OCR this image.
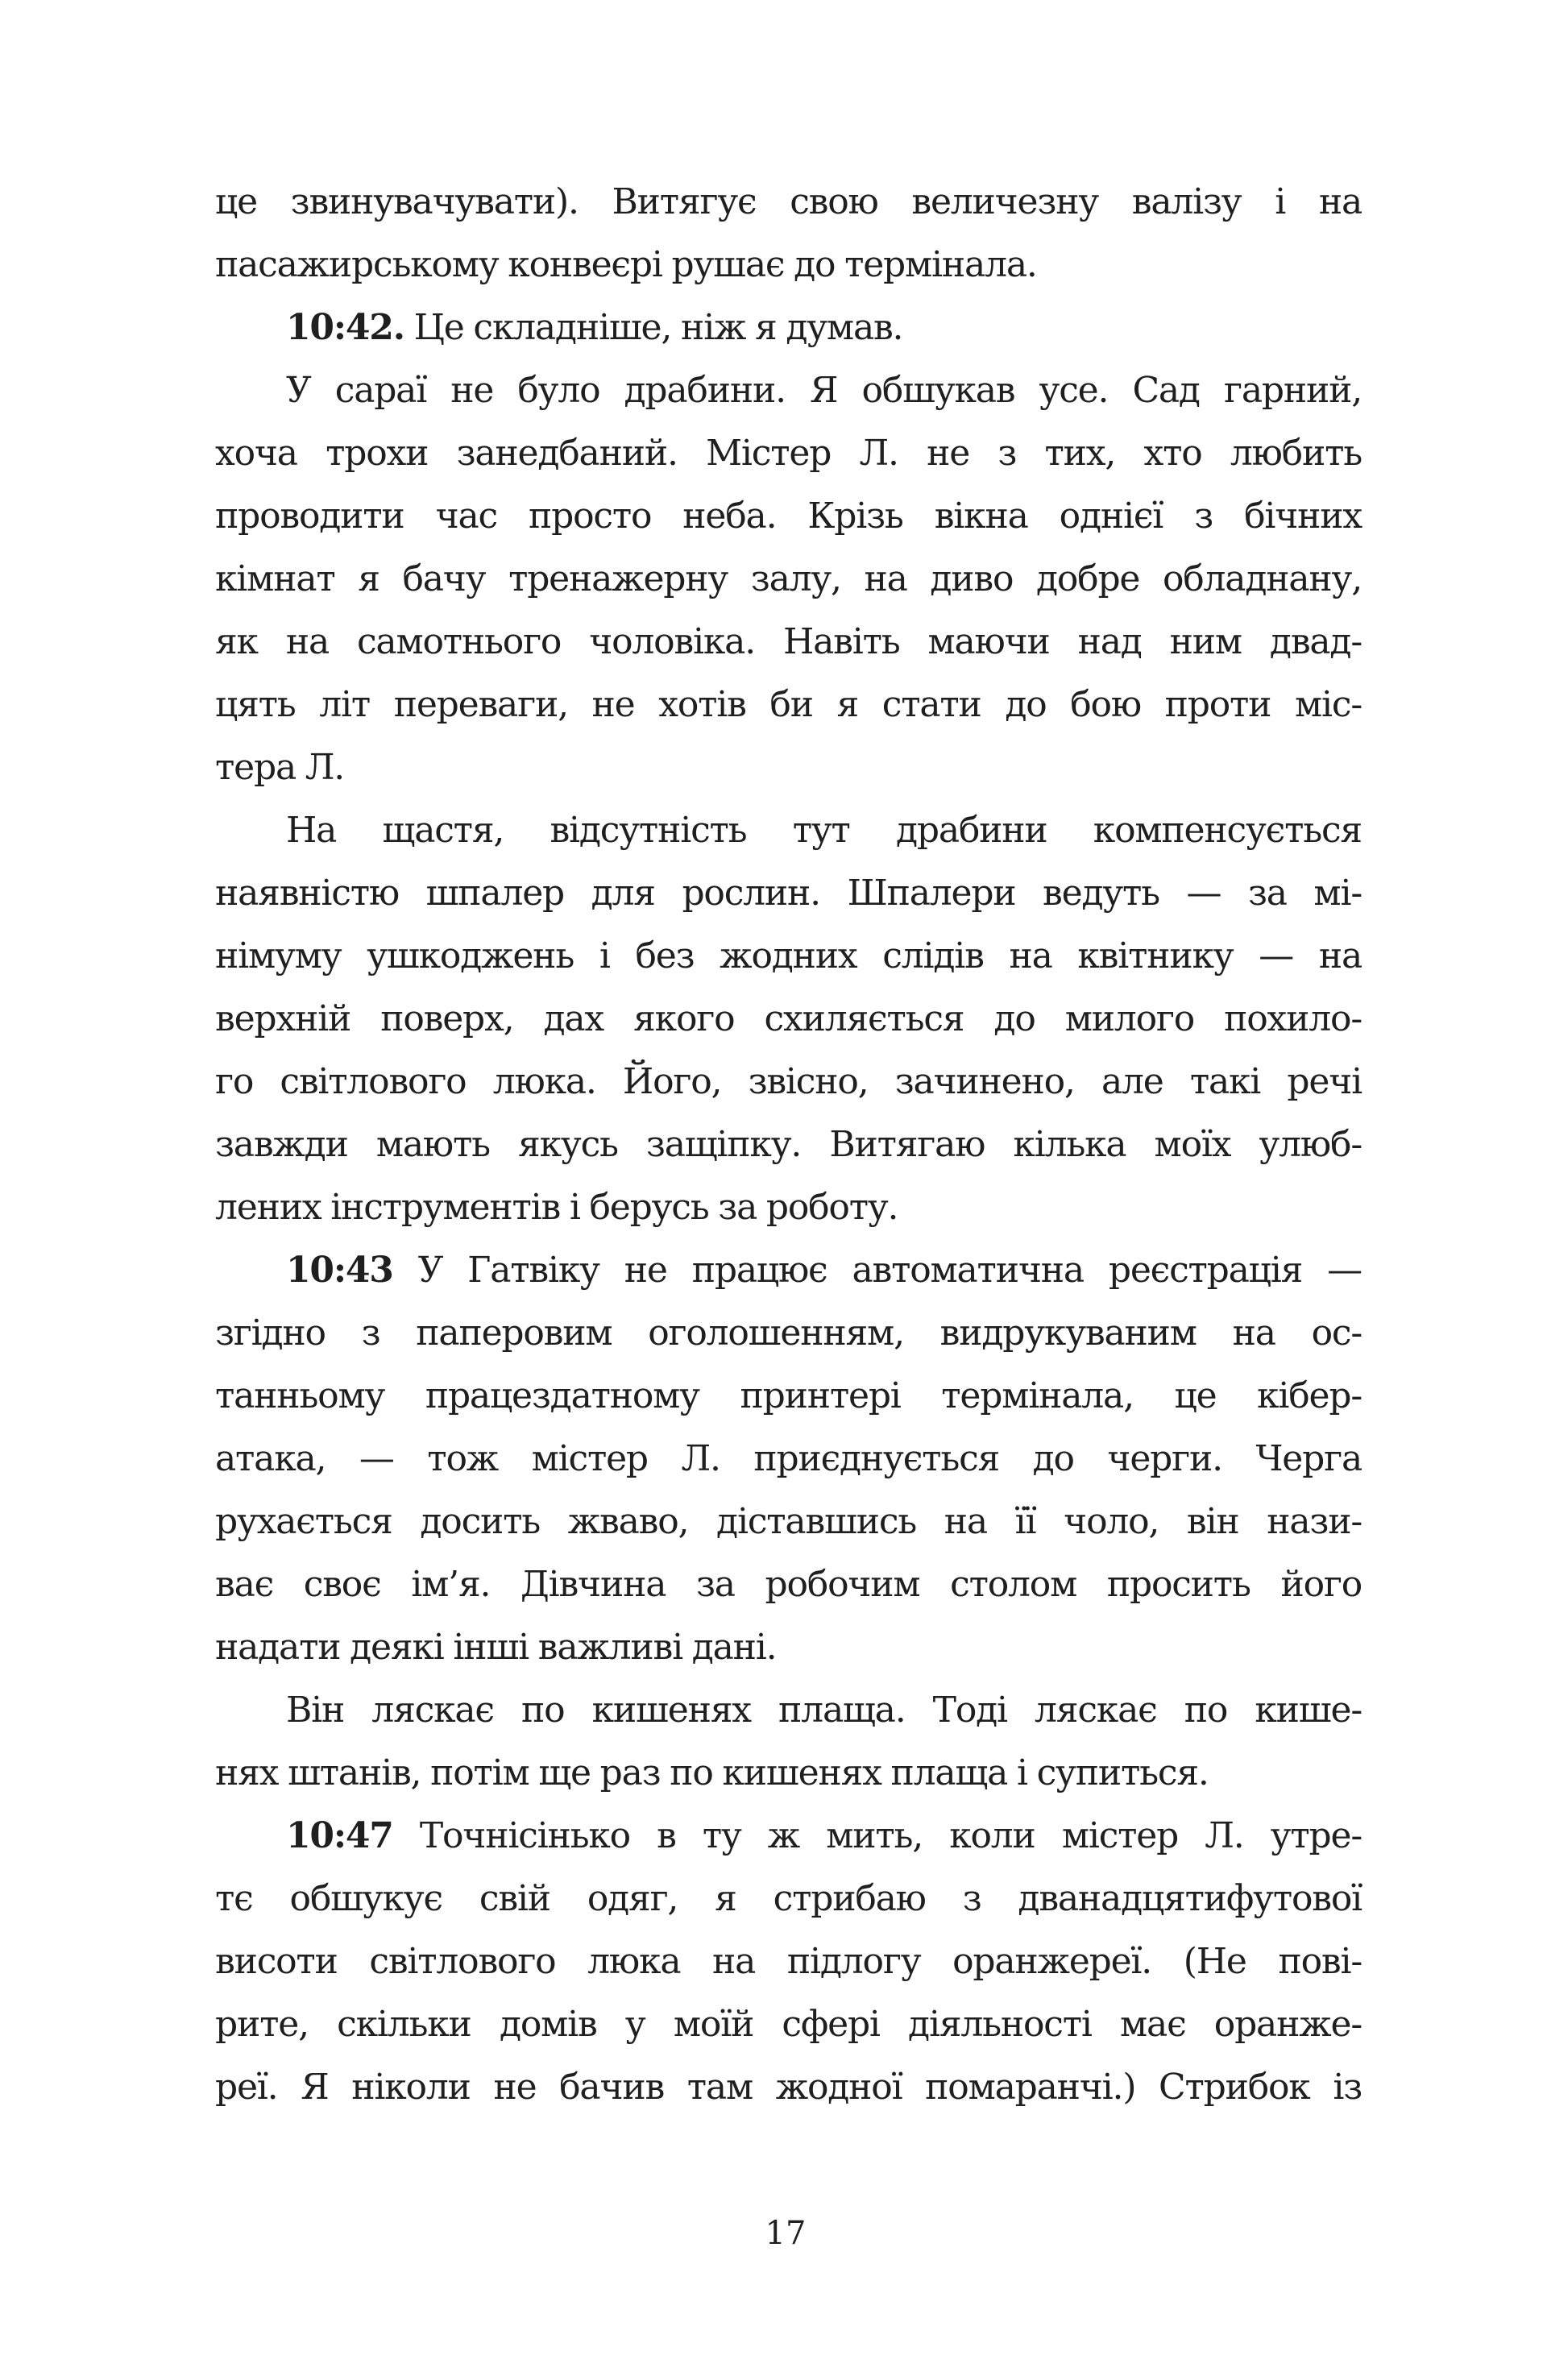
це звинувачувати). Витягує свою величезну валізу і на
пасажирському конвеєрі рушає до термінала.
10:42. Це складніше, ніж я думав.
У сараї не було драбини. Я обшукав усе. Сад гарний,
хоча трохи занедбаний. Містер Л. не з тих, хто любить
проводити час просто неба. Крізь вікна однієї з бічних
кімнат я бачу тренажерну залу, на диво добре обладнану,
як на самотнього чоловіка. Навіть маючи над ним двад-
цять літ переваги, не хотів би я стати до бою проти міс-
тера Л.
На щастя, відсутність тут драбини компенсується
наявністю шпалер для рослин. Шпалери ведуть — за мі-
німуму ушкоджень і без жодних слідів на квітнику — на
верхній поверх, дах якого схиляється до милого похило-
го світлового люка. Його, звісно, зачинено, але такі речі
завжди мають якусь защіпку. Витягаю кілька моїх улюб-
лених інструментів і берусь за роботу.
10:43 У Гатвіку не працює автоматична реєстрація —
згідно з паперовим оголошенням, видрукуваним на ос-
танньому працездатному принтері термінала, це кібер-
атака, — тож містер Л. приєднується до черги. Черга
рухається досить жваво, діставшись на її чоло, він нази-
ває своє ім’я. Дівчина за робочим столом просить його
надати деякі інші важливі дані.
Він ляскає по кишенях плаща. Тоді ляскає по кише-
нях штанів, потім ще раз по кишенях плаща і супиться.
10:47 Точнісінько в ту ж мить, коли містер Л. утре-
тє обшукує свій одяг, я стрибаю з дванадцятифутової
висоти світлового люка на підлогу оранжереї. (Не пові-
рите, скільки домів у моїй сфері діяльності має оранже-
реї. Я ніколи не бачив там жодної помаранчі.) Стрибок із
17
